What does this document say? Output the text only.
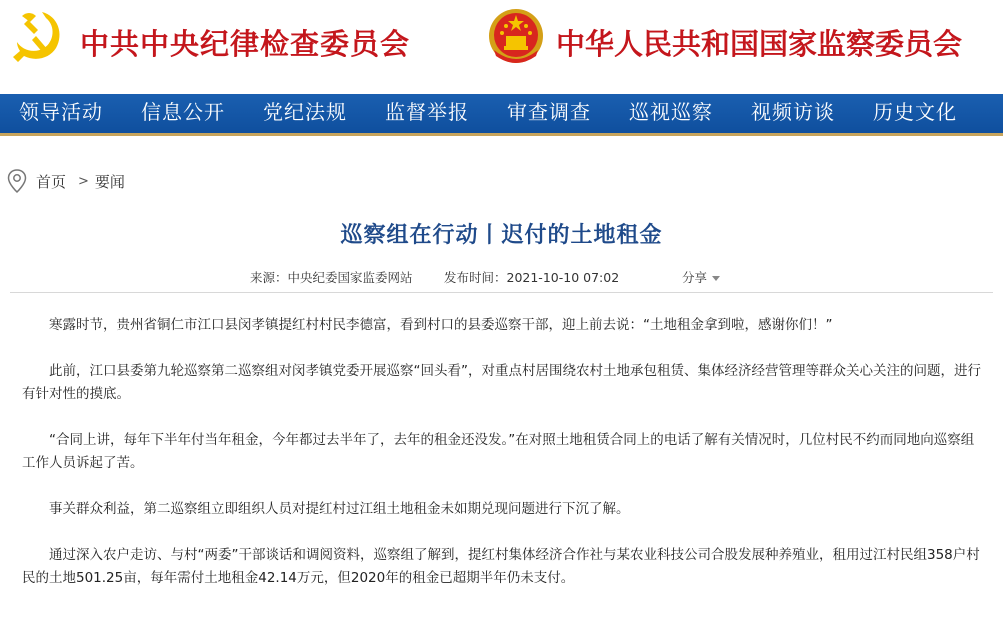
中共中央纪律检查委员会	中华人民共和国国家监察委员会
领导活动	信息公开	党纪法规	监督举报	审查调查	巡视巡察	视频访谈	历史文化
首页 > 要闻
巡察组在行动丨迟付的土地租金
来源：中央纪委国家监委网站	发布时间：2021-10-10 07:02	分享

寒露时节，贵州省铜仁市江口县闵孝镇提红村村民李德富，看到村口的县委巡察干部，迎上前去说：“土地租金拿到啦，感谢你们！”

此前，江口县委第九轮巡察第二巡察组对闵孝镇党委开展巡察“回头看”，对重点村居围绕农村土地承包租赁、集体经济经营管理等群众关心关注的问题，进行有针对性的摸底。

“合同上讲，每年下半年付当年租金，今年都过去半年了，去年的租金还没发。”在对照土地租赁合同上的电话了解有关情况时，几位村民不约而同地向巡察组工作人员诉起了苦。

事关群众利益，第二巡察组立即组织人员对提红村过江组土地租金未如期兑现问题进行下沉了解。

通过深入农户走访、与村“两委”干部谈话和调阅资料，巡察组了解到，提红村集体经济合作社与某农业科技公司合股发展种养殖业，租用过江村民组358户村民的土地501.25亩，每年需付土地租金42.14万元，但2020年的租金已超期半年仍未支付。
